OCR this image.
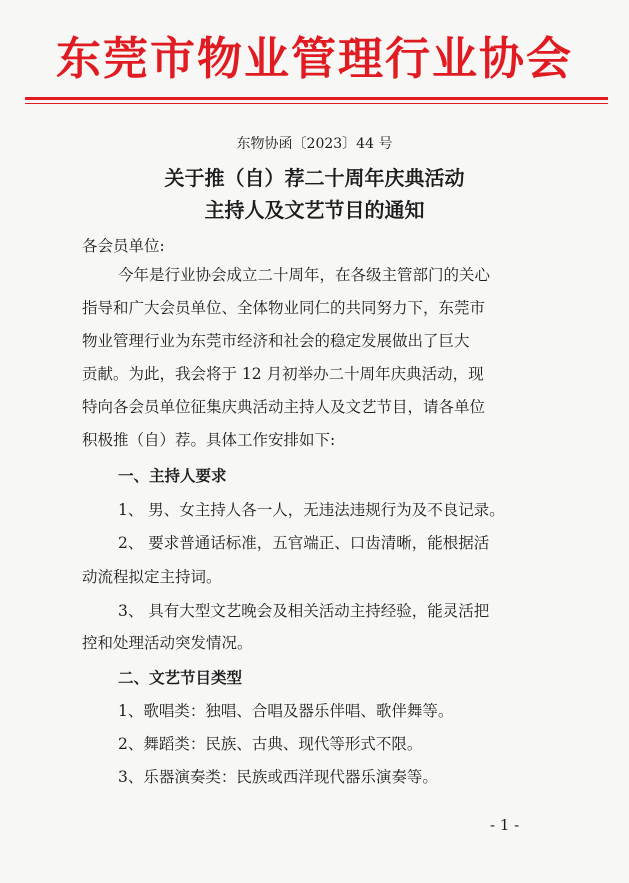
东莞市物业管理行业协会
东物协函〔2023〕44 号
关于推（自）荐二十周年庆典活动
主持人及文艺节目的通知
各会员单位:
今年是行业协会成立二十周年，在各级主管部门的关心
指导和广大会员单位、全体物业同仁的共同努力下，东莞市
物业管理行业为东莞市经济和社会的稳定发展做出了巨大
贡献。为此，我会将于 12 月初举办二十周年庆典活动，现
特向各会员单位征集庆典活动主持人及文艺节目，请各单位
积极推（自）荐。具体工作安排如下:
一、主持人要求
1、 男、女主持人各一人，无违法违规行为及不良记录。
2、 要求普通话标准，五官端正、口齿清晰，能根据活
动流程拟定主持词。
3、 具有大型文艺晚会及相关活动主持经验，能灵活把
控和处理活动突发情况。
二、文艺节目类型
1、歌唱类：独唱、合唱及器乐伴唱、歌伴舞等。
2、舞蹈类：民族、古典、现代等形式不限。
3、乐器演奏类：民族或西洋现代器乐演奏等。
- 1 -
